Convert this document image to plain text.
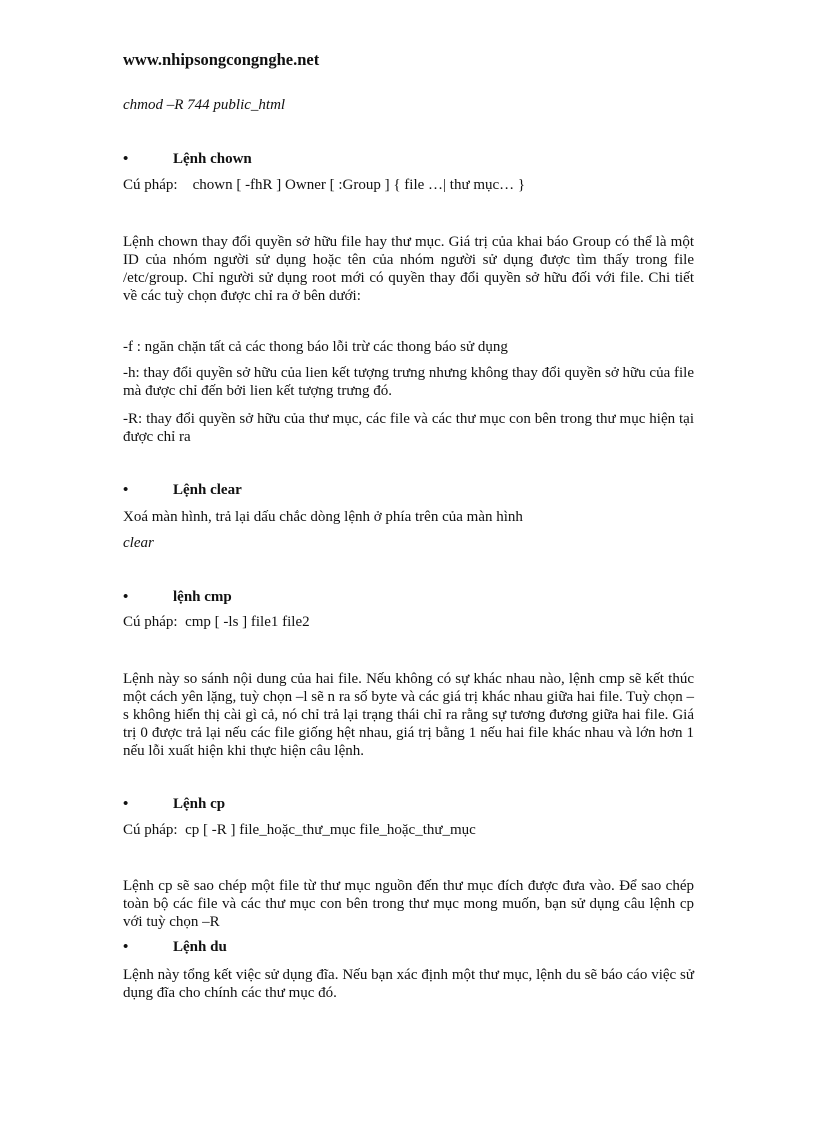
www.nhipsongcongnghe.net
chmod –R 744 public_html
•	Lệnh chown
Cú pháp:    chown [ -fhR ] Owner [ :Group ] { file …| thư mục… }
Lệnh chown thay đổi quyền sở hữu file hay thư mục. Giá trị của khai báo Group có thể là một ID của nhóm người sử dụng hoặc tên của nhóm người sử dụng được tìm thấy trong file /etc/group. Chỉ người sử dụng root mới có quyền thay đổi quyền sở hữu đối với file. Chi tiết về các tuỳ chọn được chỉ ra ở bên dưới:
-f : ngăn chặn tất cả các thong báo lỗi trừ các thong báo sử dụng
-h: thay đổi quyền sở hữu của lien kết tượng trưng nhưng không thay đổi quyền sở hữu của file mà được chỉ đến bởi lien kết tượng trưng đó.
-R: thay đổi quyền sở hữu của thư mục, các file và các thư mục con bên trong thư mục hiện tại được chỉ ra
•	Lệnh clear
Xoá màn hình, trả lại dấu chắc dòng lệnh ở phía trên của màn hình
clear
•	lệnh cmp
Cú pháp:  cmp [ -ls ] file1 file2
Lệnh này so sánh nội dung của hai file. Nếu không có sự khác nhau nào, lệnh cmp sẽ kết thúc một cách yên lặng, tuỳ chọn –l sẽ n ra số byte và các giá trị khác nhau giữa hai file. Tuỳ chọn –s không hiển thị cài gì cả, nó chỉ trả lại trạng thái chỉ ra rằng sự tương đương giữa hai file. Giá trị 0 được trả lại nếu các file giống hệt nhau, giá trị bằng 1 nếu hai file khác nhau và lớn hơn 1 nếu lỗi xuất hiện khi thực hiện câu lệnh.
•	Lệnh cp
Cú pháp:  cp [ -R ] file_hoặc_thư_mục file_hoặc_thư_mục
Lệnh cp sẽ sao chép một file từ thư mục nguồn đến thư mục đích được đưa vào. Để sao chép toàn bộ các file và các thư mục con bên trong thư mục mong muốn, bạn sử dụng câu lệnh cp với tuỳ chọn –R
•	Lệnh du
Lệnh này tổng kết việc sử dụng đĩa. Nếu bạn xác định một thư mục, lệnh du sẽ báo cáo việc sử dụng đĩa cho chính các thư mục đó.
